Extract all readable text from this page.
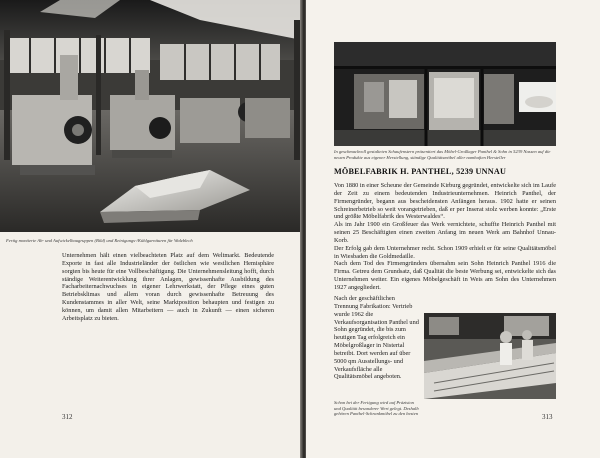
Fertig montierte Ab- und Aufwickelbaugruppen (Bild) und Reinigungs-/Kühlgarnituren für Walzblech

Unternehmen hält einen vielbeachteten Platz auf dem Weltmarkt. Bedeutende Exporte in fast alle Industrieländer der östlichen wie westlichen Hemisphäre sorgten bis heute für eine Vollbeschäftigung. Die Unternehmensleitung hofft, durch ständige Weiterentwicklung ihrer Anlagen, gewissenhafte Ausbildung des Facharbeiternachwuchses in eigener Lehrwerkstatt, der Pflege eines guten Betriebsklimas und allem voran durch gewissenhafte Betreuung des Kundenstammes in aller Welt, seine Marktposition behaupten und festigen zu können, um damit allen Mitarbeitern — auch in Zukunft — einen sicheren Arbeitsplatz zu bieten.

312
In geschmackvoll gestalteten Schaufenstern präsentiert das Möbel-Großlager Panthel & Sohn in 5239 Nassen auf die neuen Produkte aus eigener Herstellung, ständige Qualitätsmöbel aller namhaften Hersteller
MÖBELFABRIK H. PANTHEL, 5239 UNNAU

Von 1880 in einer Scheune der Gemeinde Kirburg gegründet, entwickelte sich im Laufe der Zeit zu einem bedeutenden Industrieunternehmen. Heinrich Panthel, der Firmengründer, begann aus bescheidensten Anfängen heraus. 1902 hatte er seinen Schreinerbetrieb so weit vorangetrieben, daß er per Inserat stolz werben konnte: „Erste und größte Möbelfabrik des Westerwaldes“.

Als im Jahr 1900 ein Großfeuer das Werk vernichtete, schuffte Heinrich Panthel mit seinen 25 Beschäftigten einen zweiten Anfang im neuen Werk am Bahnhof Unnau-Korb.

Der Erfolg gab dem Unternehmer recht. Schon 1909 erhielt er für seine Qualitätsmöbel in Wiesbaden die Goldmedaille.

Nach dem Tod des Firmengründers übernahm sein Sohn Heinrich Panthel 1916 die Firma. Getreu dem Grundsatz, daß Qualität die beste Werbung sei, entwickelte sich das Unternehmen weiter. Ein eigenes Möbelgeschäft in Weis am Sohn des Unternehmen 1927 angegliedert.

Nach der geschäftlichen Trennung Fabrikation: Vertrieb wurde 1962 die Verkaufsorganisation Panthel und Sohn gegründet, die bis zum heutigen Tag erfolgreich ein Möbelgroßlager in Nistertal betreibt. Dort werden auf über 5000 qm Ausstellungs- und Verkaufsfläche alle Qualitätsmöbel angeboten.

Schon bei der Fertigung wird auf Präzision und Qualität besonderer Wert gelegt. Deshalb gehören Panthel-Schrankmöbel zu den besten	313
